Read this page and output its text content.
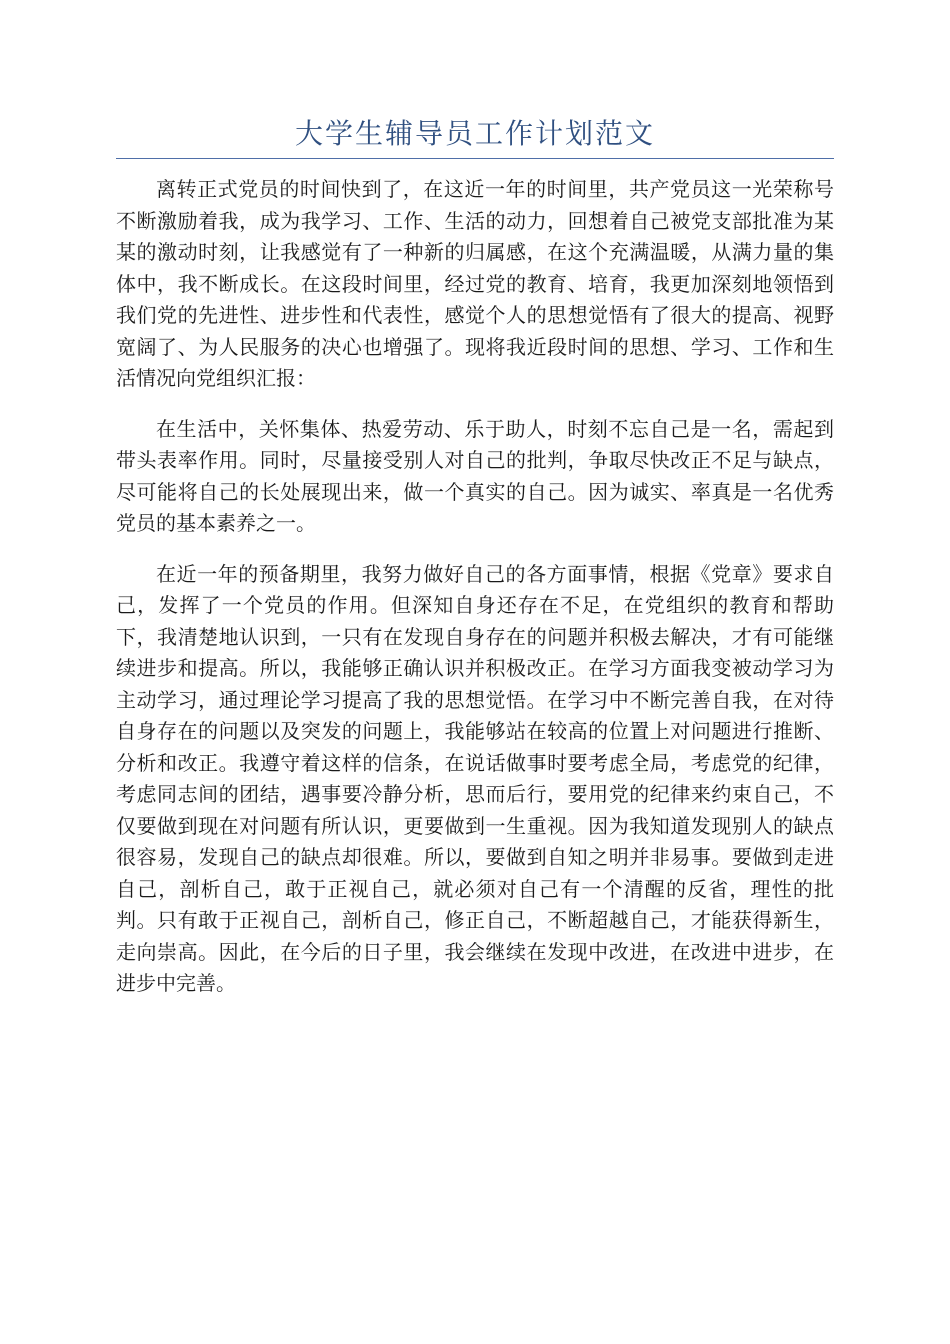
大学生辅导员工作计划范文

离转正式党员的时间快到了，在这近一年的时间里，共产党员这一光荣称号不断激励着我，成为我学习、工作、生活的动力，回想着自己被党支部批准为某某的激动时刻，让我感觉有了一种新的归属感，在这个充满温暖，从满力量的集体中，我不断成长。在这段时间里，经过党的教育、培育，我更加深刻地领悟到我们党的先进性、进步性和代表性，感觉个人的思想觉悟有了很大的提高、视野宽阔了、为人民服务的决心也增强了。现将我近段时间的思想、学习、工作和生活情况向党组织汇报：

在生活中，关怀集体、热爱劳动、乐于助人，时刻不忘自己是一名，需起到带头表率作用。同时，尽量接受别人对自己的批判，争取尽快改正不足与缺点，尽可能将自己的长处展现出来，做一个真实的自己。因为诚实、率真是一名优秀党员的基本素养之一。

在近一年的预备期里，我努力做好自己的各方面事情，根据《党章》要求自己，发挥了一个党员的作用。但深知自身还存在不足，在党组织的教育和帮助下，我清楚地认识到，一只有在发现自身存在的问题并积极去解决，才有可能继续进步和提高。所以，我能够正确认识并积极改正。在学习方面我变被动学习为主动学习，通过理论学习提高了我的思想觉悟。在学习中不断完善自我，在对待自身存在的问题以及突发的问题上，我能够站在较高的位置上对问题进行推断、分析和改正。我遵守着这样的信条，在说话做事时要考虑全局，考虑党的纪律，考虑同志间的团结，遇事要冷静分析，思而后行，要用党的纪律来约束自己，不仅要做到现在对问题有所认识，更要做到一生重视。因为我知道发现别人的缺点很容易，发现自己的缺点却很难。所以，要做到自知之明并非易事。要做到走进自己，剖析自己，敢于正视自己，就必须对自己有一个清醒的反省，理性的批判。只有敢于正视自己，剖析自己，修正自己，不断超越自己，才能获得新生，走向崇高。因此，在今后的日子里，我会继续在发现中改进，在改进中进步，在进步中完善。
